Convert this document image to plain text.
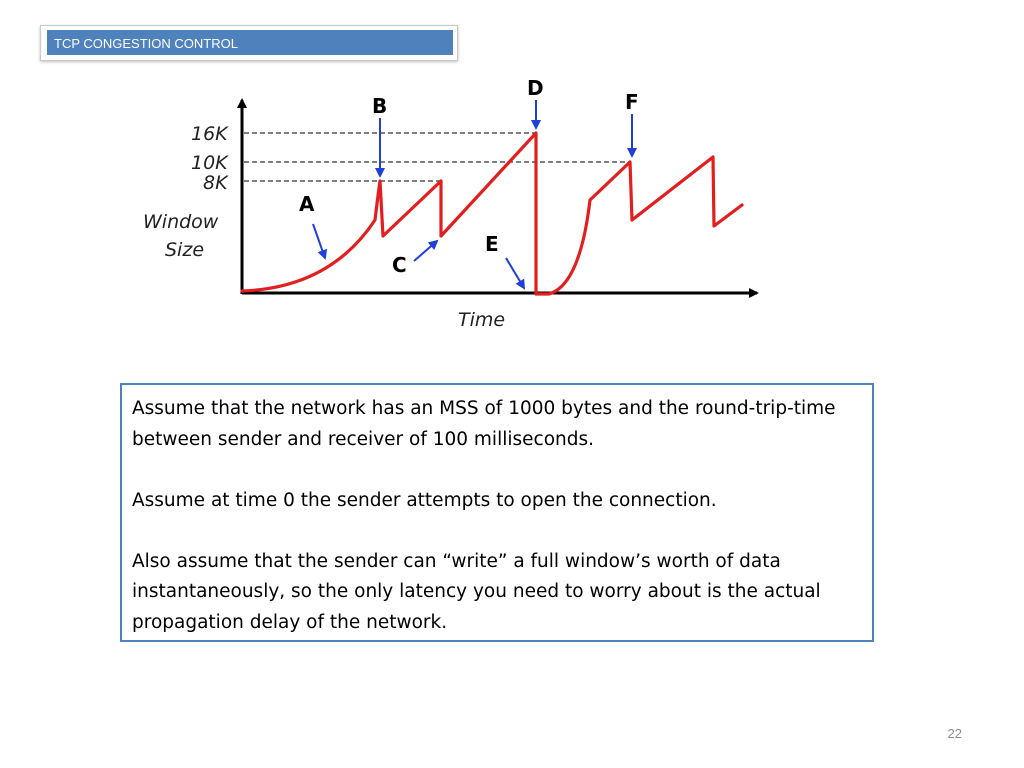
TCP CONGESTION CONTROL
16K
10K
8K
Window
Size
Time
A
B
C
D
E
F

Assume that the network has an MSS of 1000 bytes and the round-trip-time between sender and receiver of 100 milliseconds.

Assume at time 0 the sender attempts to open the connection.

Also assume that the sender can “write” a full window’s worth of data instantaneously, so the only latency you need to worry about is the actual propagation delay of the network.

22
